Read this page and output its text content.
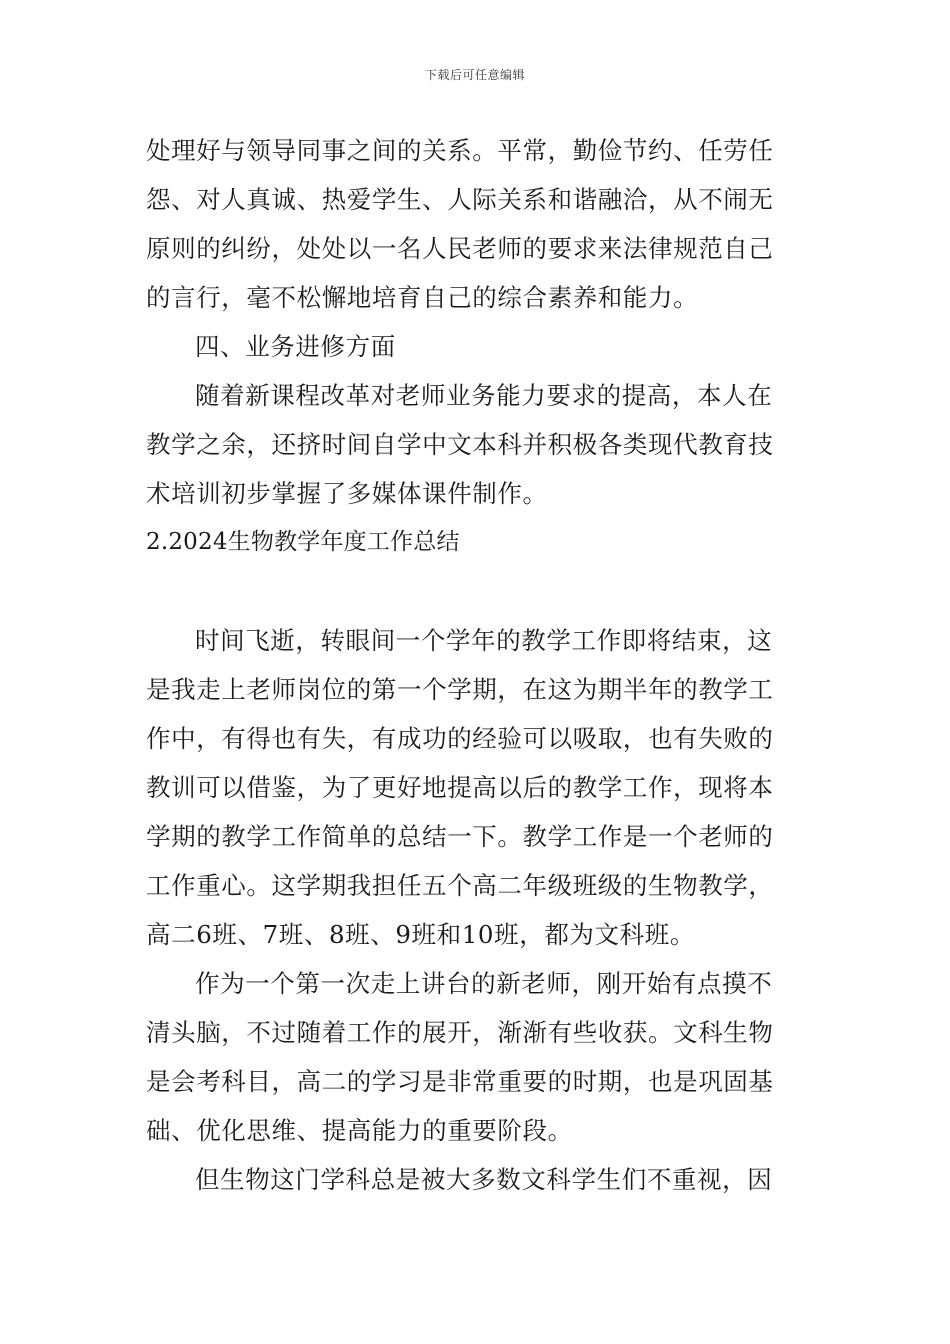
下载后可任意编辑
处理好与领导同事之间的关系。平常，勤俭节约、任劳任
怨、对人真诚、热爱学生、人际关系和谐融洽，从不闹无
原则的纠纷，处处以一名人民老师的要求来法律规范自己
的言行，毫不松懈地培育自己的综合素养和能力。
四、业务进修方面
随着新课程改革对老师业务能力要求的提高，本人在
教学之余，还挤时间自学中文本科并积极各类现代教育技
术培训初步掌握了多媒体课件制作。
2.2024生物教学年度工作总结
时间飞逝，转眼间一个学年的教学工作即将结束，这
是我走上老师岗位的第一个学期，在这为期半年的教学工
作中，有得也有失，有成功的经验可以吸取，也有失败的
教训可以借鉴，为了更好地提高以后的教学工作，现将本
学期的教学工作简单的总结一下。教学工作是一个老师的
工作重心。这学期我担任五个高二年级班级的生物教学，
高二6班、7班、8班、9班和10班，都为文科班。
作为一个第一次走上讲台的新老师，刚开始有点摸不
清头脑，不过随着工作的展开，渐渐有些收获。文科生物
是会考科目，高二的学习是非常重要的时期，也是巩固基
础、优化思维、提高能力的重要阶段。
但生物这门学科总是被大多数文科学生们不重视，因
